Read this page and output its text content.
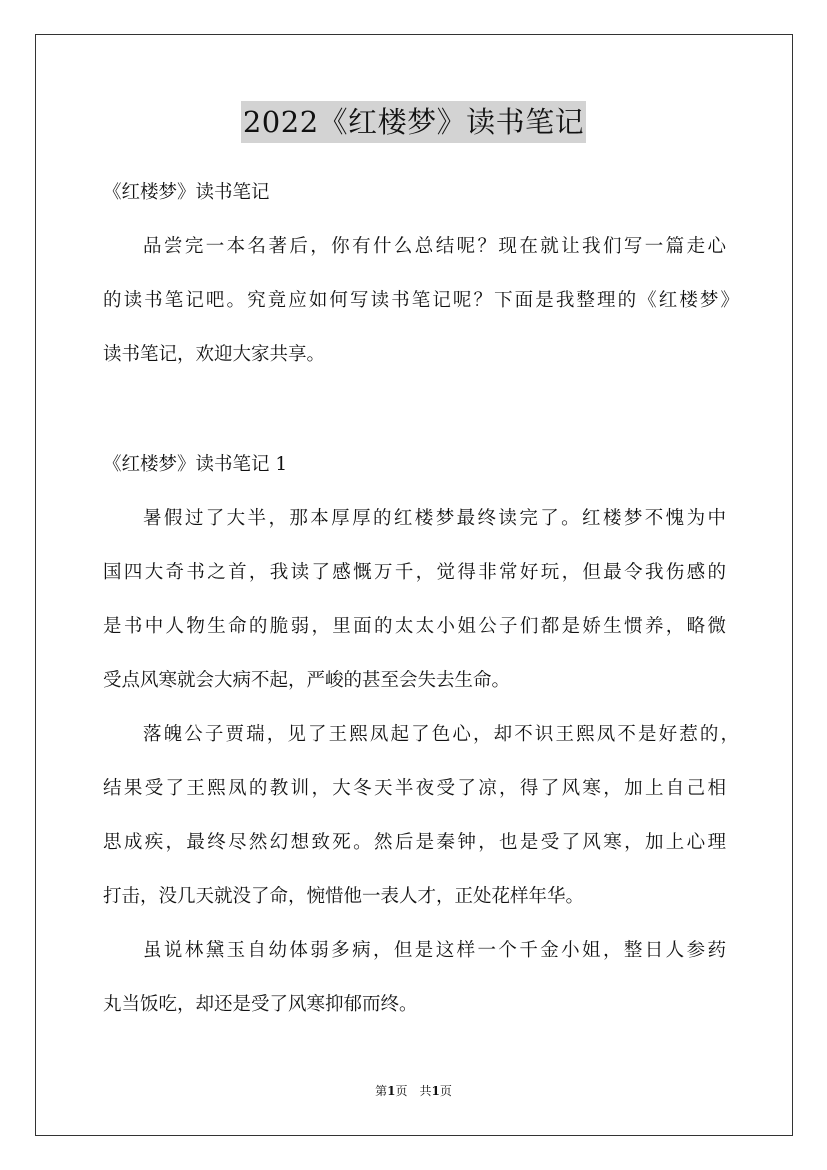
2022《红楼梦》读书笔记
《红楼梦》读书笔记

品尝完一本名著后，你有什么总结呢？现在就让我们写一篇走心

的读书笔记吧。究竟应如何写读书笔记呢？下面是我整理的《红楼梦》

读书笔记，欢迎大家共享。

《红楼梦》读书笔记 1

暑假过了大半，那本厚厚的红楼梦最终读完了。红楼梦不愧为中

国四大奇书之首，我读了感慨万千，觉得非常好玩，但最令我伤感的

是书中人物生命的脆弱，里面的太太小姐公子们都是娇生惯养，略微

受点风寒就会大病不起，严峻的甚至会失去生命。

落魄公子贾瑞，见了王熙凤起了色心，却不识王熙凤不是好惹的，

结果受了王熙凤的教训，大冬天半夜受了凉，得了风寒，加上自己相

思成疾，最终尽然幻想致死。然后是秦钟，也是受了风寒，加上心理

打击，没几天就没了命，惋惜他一表人才，正处花样年华。

虽说林黛玉自幼体弱多病，但是这样一个千金小姐，整日人参药

丸当饭吃，却还是受了风寒抑郁而终。

第1页　共1页
